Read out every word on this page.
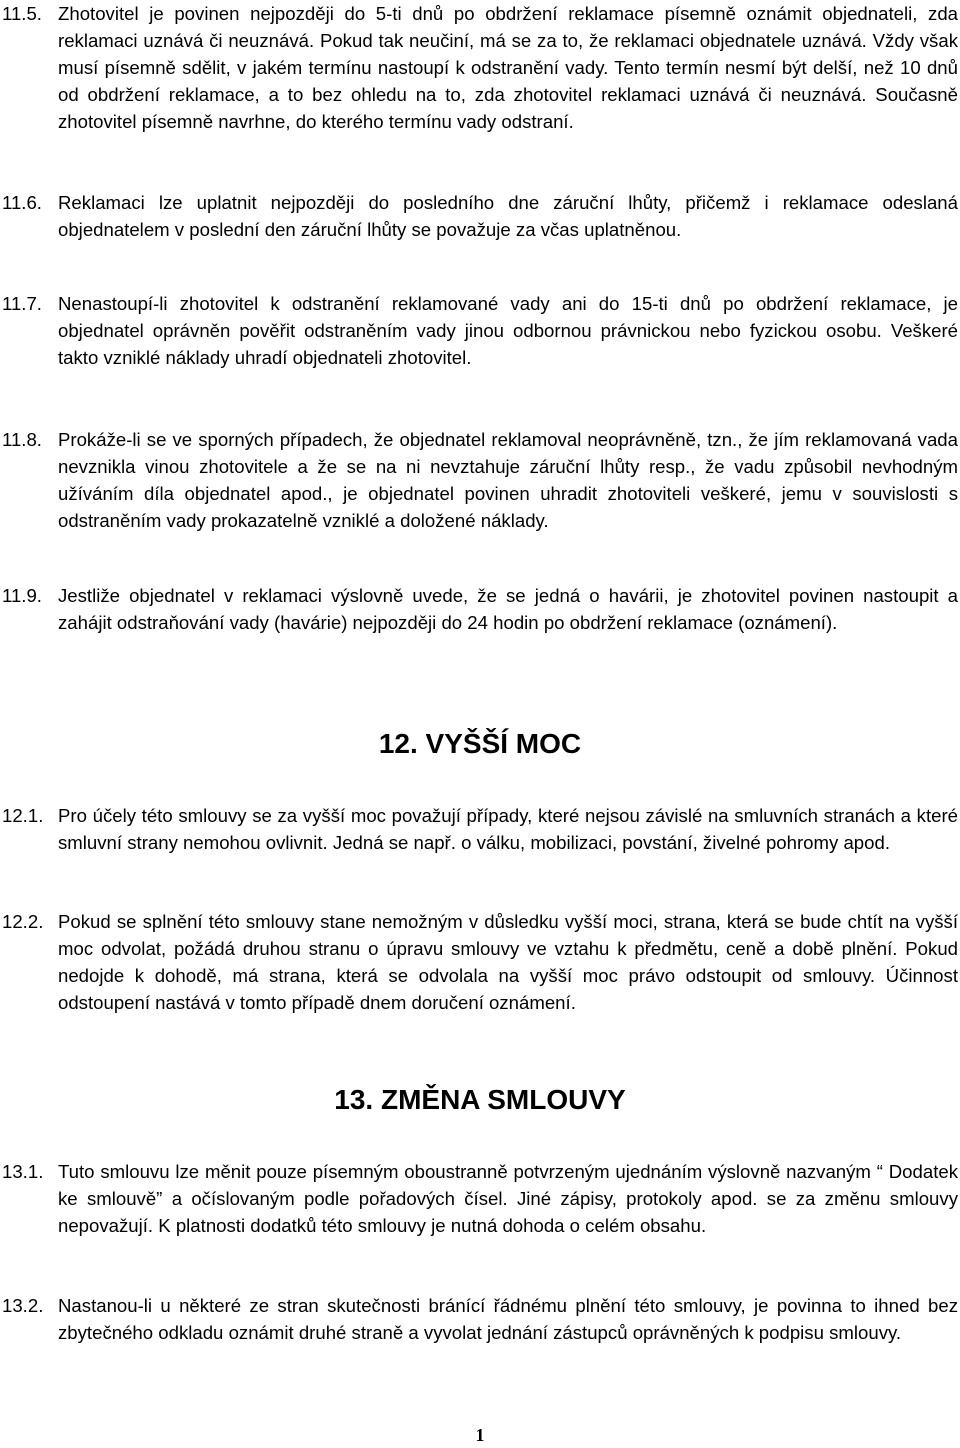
11.5. Zhotovitel je povinen nejpozději do 5-ti dnů po obdržení reklamace písemně oznámit objednateli, zda reklamaci uznává či neuznává. Pokud tak neučiní, má se za to, že reklamaci objednatele uznává. Vždy však musí písemně sdělit, v jakém termínu nastoupí k odstranění vady. Tento termín nesmí být delší, než 10 dnů od obdržení reklamace, a to bez ohledu na to, zda zhotovitel reklamaci uznává či neuznává. Současně zhotovitel písemně navrhne, do kterého termínu vady odstraní.
11.6. Reklamaci lze uplatnit nejpozději do posledního dne záruční lhůty, přičemž i reklamace odeslaná objednatelem v poslední den záruční lhůty se považuje za včas uplatněnou.
11.7. Nenastoupí-li zhotovitel k odstranění reklamované vady ani do 15-ti dnů po obdržení reklamace, je objednatel oprávněn pověřit odstraněním vady jinou odbornou právnickou nebo fyzickou osobu. Veškeré takto vzniklé náklady uhradí objednateli zhotovitel.
11.8. Prokáže-li se ve sporných případech, že objednatel reklamoval neoprávněně, tzn., že jím reklamovaná vada nevznikla vinou zhotovitele a že se na ni nevztahuje záruční lhůty resp., že vadu způsobil nevhodným užíváním díla objednatel apod., je objednatel povinen uhradit zhotoviteli veškeré, jemu v souvislosti s odstraněním vady prokazatelně vzniklé a doložené náklady.
11.9. Jestliže objednatel v reklamaci výslovně uvede, že se jedná o havárii, je zhotovitel povinen nastoupit a zahájit odstraňování vady (havárie) nejpozději do 24 hodin po obdržení reklamace (oznámení).
12. VYŠŠÍ MOC
12.1. Pro účely této smlouvy se za vyšší moc považují případy, které nejsou závislé na smluvních stranách a které smluvní strany nemohou ovlivnit. Jedná se např. o válku, mobilizaci, povstání, živelné pohromy apod.
12.2. Pokud se splnění této smlouvy stane nemožným v důsledku vyšší moci, strana, která se bude chtít na vyšší moc odvolat, požádá druhou stranu o úpravu smlouvy ve vztahu k předmětu, ceně a době plnění. Pokud nedojde k dohodě, má strana, která se odvolala na vyšší moc právo odstoupit od smlouvy. Účinnost odstoupení nastává v tomto případě dnem doručení oznámení.
13. ZMĚNA SMLOUVY
13.1. Tuto smlouvu lze měnit pouze písemným oboustranně potvrzeným ujednáním výslovně nazvaným “ Dodatek ke smlouvě” a očíslovaným podle pořadových čísel. Jiné zápisy, protokoly apod. se za změnu smlouvy nepovažují. K platnosti dodatků této smlouvy je nutná dohoda o celém obsahu.
13.2. Nastanou-li u některé ze stran skutečnosti bránící řádnému plnění této smlouvy, je povinna to ihned bez zbytečného odkladu oznámit druhé straně a vyvolat jednání zástupců oprávněných k podpisu smlouvy.
1
